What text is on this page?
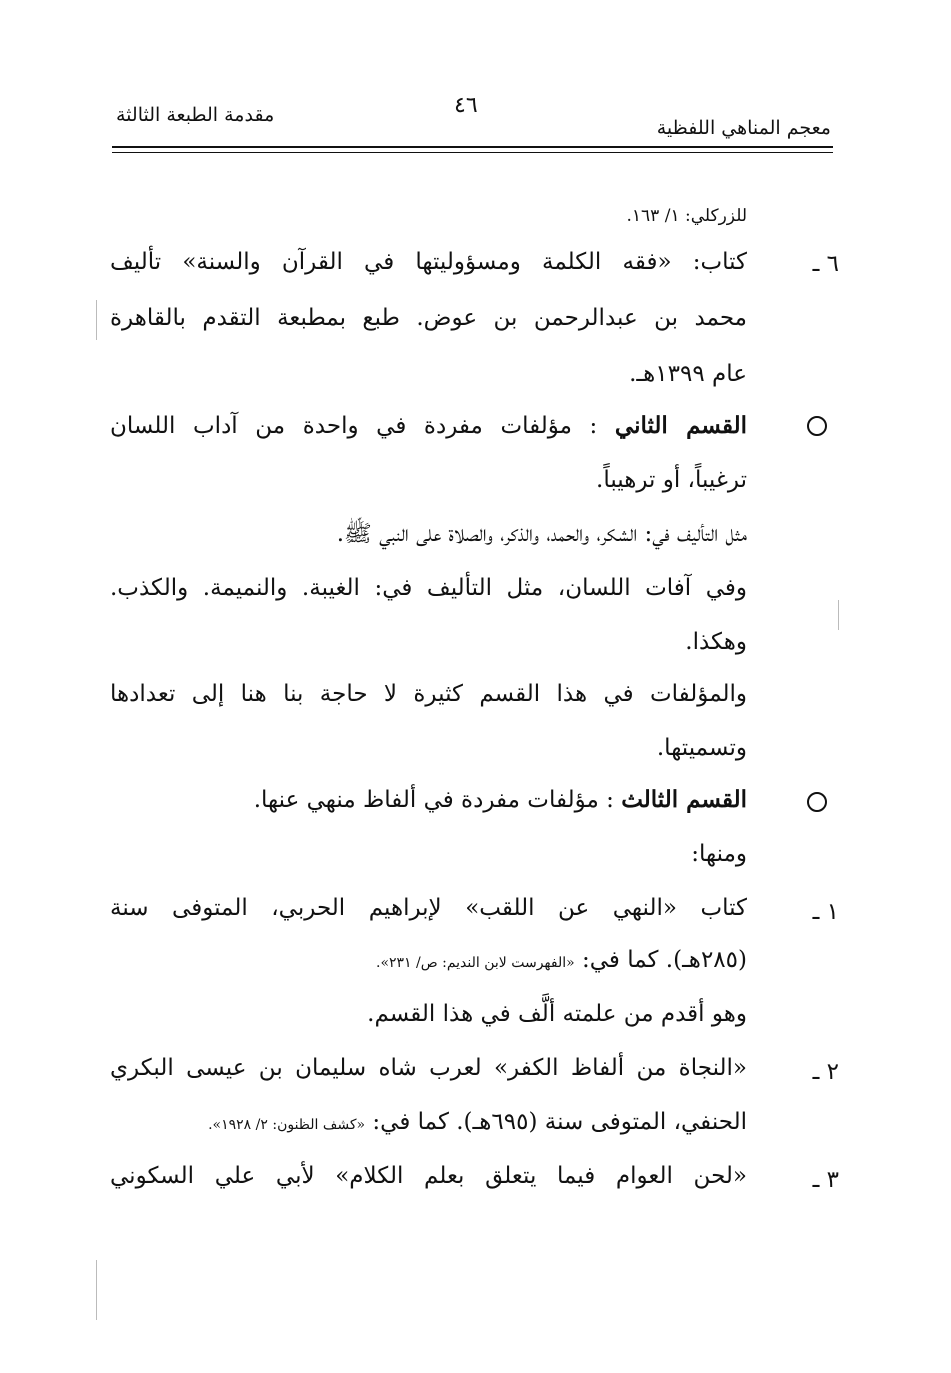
معجم المناهي اللفظية
٤٦
مقدمة الطبعة الثالثة
للزركلي: ١/ ١٦٣.
٦ ـ
كتاب: «فقه الكلمة ومسؤوليتها في القرآن والسنة» تأليف
محمد بن عبدالرحمن بن عوض. طبع بمطبعة التقدم بالقاهرة
عام ١٣٩٩هـ.
القسم الثاني : مؤلفات مفردة في واحدة من آداب اللسان
ترغيباً، أو ترهيباً.
مثل التأليف في: الشكر، والحمد، والذكر، والصلاة على النبي ﷺ.
وفي آفات اللسان، مثل التأليف في: الغيبة. والنميمة. والكذب.
وهكذا.
والمؤلفات في هذا القسم كثيرة لا حاجة بنا هنا إلى تعدادها
وتسميتها.
القسم الثالث : مؤلفات مفردة في ألفاظ منهي عنها.
ومنها:
١ ـ
كتاب «النهي عن اللقب» لإبراهيم الحربي، المتوفى سنة
(٢٨٥هـ). كما في: «الفهرست لابن النديم: ص/ ٢٣١».
وهو أقدم من علمته ألَّف في هذا القسم.
٢ ـ
«النجاة من ألفاظ الكفر» لعرب شاه سليمان بن عيسى البكري
الحنفي، المتوفى سنة (٦٩٥هـ). كما في: «كشف الظنون: ٢/ ١٩٢٨».
٣ ـ
«لحن العوام فيما يتعلق بعلم الكلام» لأبي علي السكوني
